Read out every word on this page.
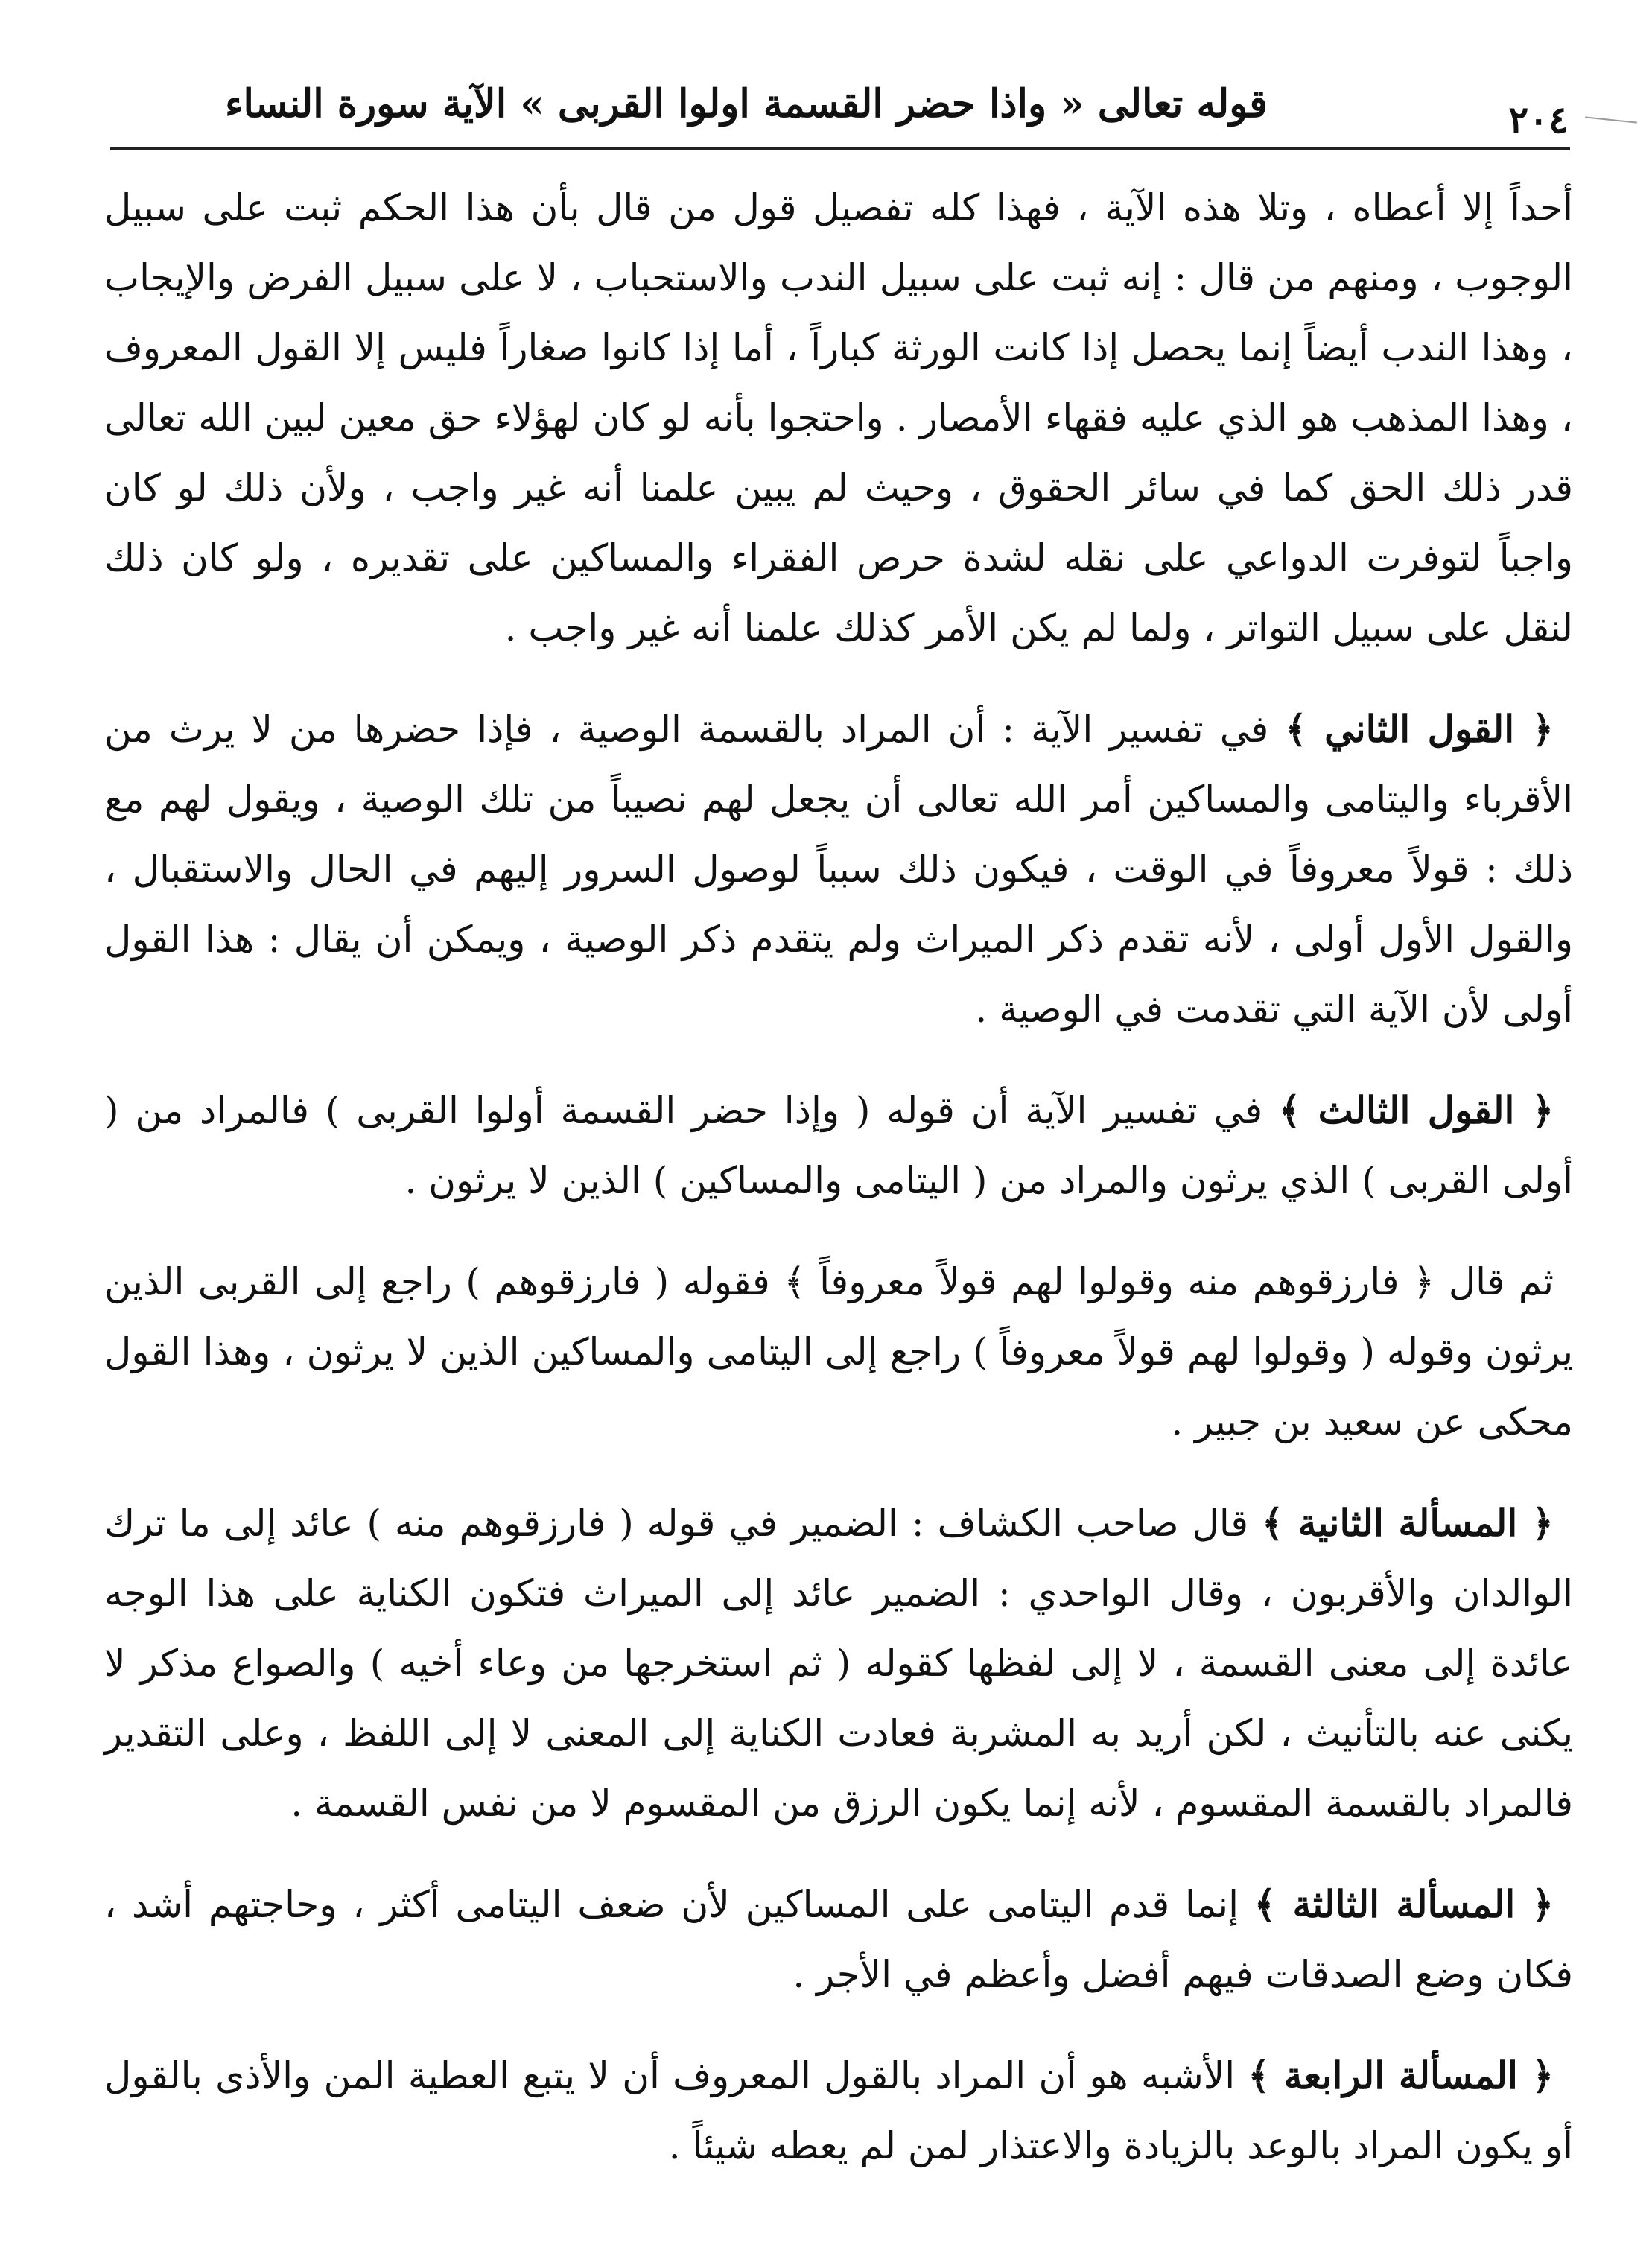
٢٠٤
قوله تعالى « واذا حضر القسمة اولوا القربى » الآية سورة النساء

أحداً إلا أعطاه ، وتلا هذه الآية ، فهذا كله تفصيل قول من قال بأن هذا الحكم ثبت على سبيل الوجوب ، ومنهم من قال : إنه ثبت على سبيل الندب والاستحباب ، لا على سبيل الفرض والإيجاب ، وهذا الندب أيضاً إنما يحصل إذا كانت الورثة كباراً ، أما إذا كانوا صغاراً فليس إلا القول المعروف ، وهذا المذهب هو الذي عليه فقهاء الأمصار . واحتجوا بأنه لو كان لهؤلاء حق معين لبين الله تعالى قدر ذلك الحق كما في سائر الحقوق ، وحيث لم يبين علمنا أنه غير واجب ، ولأن ذلك لو كان واجباً لتوفرت الدواعي على نقله لشدة حرص الفقراء والمساكين على تقديره ، ولو كان ذلك لنقل على سبيل التواتر ، ولما لم يكن الأمر كذلك علمنا أنه غير واجب .

﴿ القول الثاني ﴾ في تفسير الآية : أن المراد بالقسمة الوصية ، فإذا حضرها من لا يرث من الأقرباء واليتامى والمساكين أمر الله تعالى أن يجعل لهم نصيباً من تلك الوصية ، ويقول لهم مع ذلك : قولاً معروفاً في الوقت ، فيكون ذلك سبباً لوصول السرور إليهم في الحال والاستقبال ، والقول الأول أولى ، لأنه تقدم ذكر الميراث ولم يتقدم ذكر الوصية ، ويمكن أن يقال : هذا القول أولى لأن الآية التي تقدمت في الوصية .

﴿ القول الثالث ﴾ في تفسير الآية أن قوله ( وإذا حضر القسمة أولوا القربى ) فالمراد من ( أولى القربى ) الذي يرثون والمراد من ( اليتامى والمساكين ) الذين لا يرثون .

ثم قال ﴿ فارزقوهم منه وقولوا لهم قولاً معروفاً ﴾ فقوله ( فارزقوهم ) راجع إلى القربى الذين يرثون وقوله ( وقولوا لهم قولاً معروفاً ) راجع إلى اليتامى والمساكين الذين لا يرثون ، وهذا القول محكى عن سعيد بن جبير .

﴿ المسألة الثانية ﴾ قال صاحب الكشاف : الضمير في قوله ( فارزقوهم منه ) عائد إلى ما ترك الوالدان والأقربون ، وقال الواحدي : الضمير عائد إلى الميراث فتكون الكناية على هذا الوجه عائدة إلى معنى القسمة ، لا إلى لفظها كقوله ( ثم استخرجها من وعاء أخيه ) والصواع مذكر لا يكنى عنه بالتأنيث ، لكن أريد به المشربة فعادت الكناية إلى المعنى لا إلى اللفظ ، وعلى التقدير فالمراد بالقسمة المقسوم ، لأنه إنما يكون الرزق من المقسوم لا من نفس القسمة .

﴿ المسألة الثالثة ﴾ إنما قدم اليتامى على المساكين لأن ضعف اليتامى أكثر ، وحاجتهم أشد ، فكان وضع الصدقات فيهم أفضل وأعظم في الأجر .

﴿ المسألة الرابعة ﴾ الأشبه هو أن المراد بالقول المعروف أن لا يتبع العطية المن والأذى بالقول أو يكون المراد بالوعد بالزيادة والاعتذار لمن لم يعطه شيئاً .
